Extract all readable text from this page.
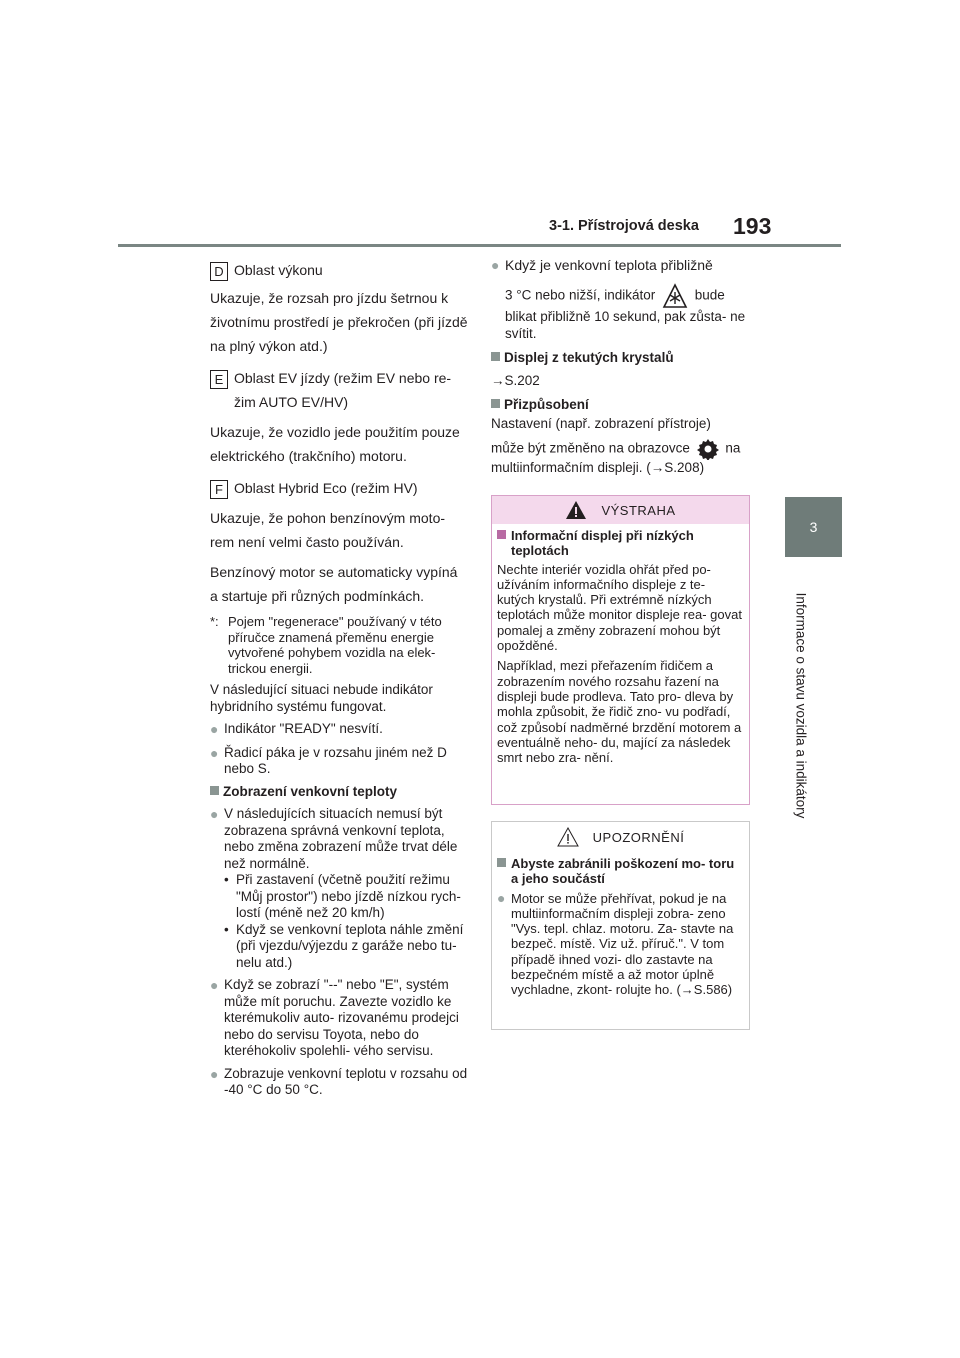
3-1. Přístrojová deska 193
3
Informace o stavu vozidla a indikátory

D Oblast výkonu

Ukazuje, že rozsah pro jízdu šetrnou k životnímu prostředí je překročen (při jízdě na plný výkon atd.)

E Oblast EV jízdy (režim EV nebo re-

žim AUTO EV/HV)

Ukazuje, že vozidlo jede použitím pouze elektrického (trakčního) motoru.

F Oblast Hybrid Eco (režim HV)

Ukazuje, že pohon benzínovým moto- rem není velmi často používán.

Benzínový motor se automaticky vypíná a startuje při různých podmínkách.

*: Pojem "regenerace" používaný v této příručce znamená přeměnu energie vytvořené pohybem vozidla na elek- trickou energii.

V následující situaci nebude indikátor hybridního systému fungovat.

● Indikátor "READY" nesvítí.
● Řadicí páka je v rozsahu jiném než D nebo S.

Zobrazení venkovní teploty

● V následujících situacích nemusí být zobrazena správná venkovní teplota, nebo změna zobrazení může trvat déle než normálně.
• Při zastavení (včetně použití režimu "Můj prostor") nebo jízdě nízkou rych- lostí (méně než 20 km/h)
• Když se venkovní teplota náhle změní (při vjezdu/výjezdu z garáže nebo tu- nelu atd.)
● Když se zobrazí "--" nebo "E", systém může mít poruchu. Zavezte vozidlo ke kterémukoliv auto- rizovanému prodejci nebo do servisu Toyota, nebo do kteréhokoliv spolehli- vého servisu.
● Zobrazuje venkovní teplotu v rozsahu od -40 °C do 50 °C.
● Když je venkovní teplota přibližně

3 °C nebo nižší, indikátor	bude

blikat přibližně 10 sekund, pak zůsta- ne svítit.

Displej z tekutých krystalů

→S.202

Přizpůsobení

Nastavení (např. zobrazení přístroje)

může být změněno na obrazovce	na

multiinformačním displeji. (→S.208)

VÝSTRAHA
Informační displej při nízkých teplotách

Nechte interiér vozidla ohřát před po- užíváním informačního displeje z te- kutých krystalů. Při extrémně nízkých teplotách může monitor displeje rea- govat pomalej a změny zobrazení mohou být opožděné.

Například, mezi přeřazením řidičem a zobrazením nového rozsahu řazení na displeji bude prodleva. Tato pro- dleva by mohla způsobit, že řidič zno- vu podřadí, což způsobí nadměrné brzdění motorem a eventuálně neho- du, mající za následek smrt nebo zra- nění.

UPOZORNĚNÍ
Abyste zabránili poškození mo- toru a jeho součástí
● Motor se může přehřívat, pokud je na multiinformačním displeji zobra- zeno "Vys. tepl. chlaz. motoru. Za- stavte na bezpeč. místě. Viz už. příruč.". V tom případě ihned vozi- dlo zastavte na bezpečném místě a až motor úplně vychladne, zkont- rolujte ho. (→S.586)
